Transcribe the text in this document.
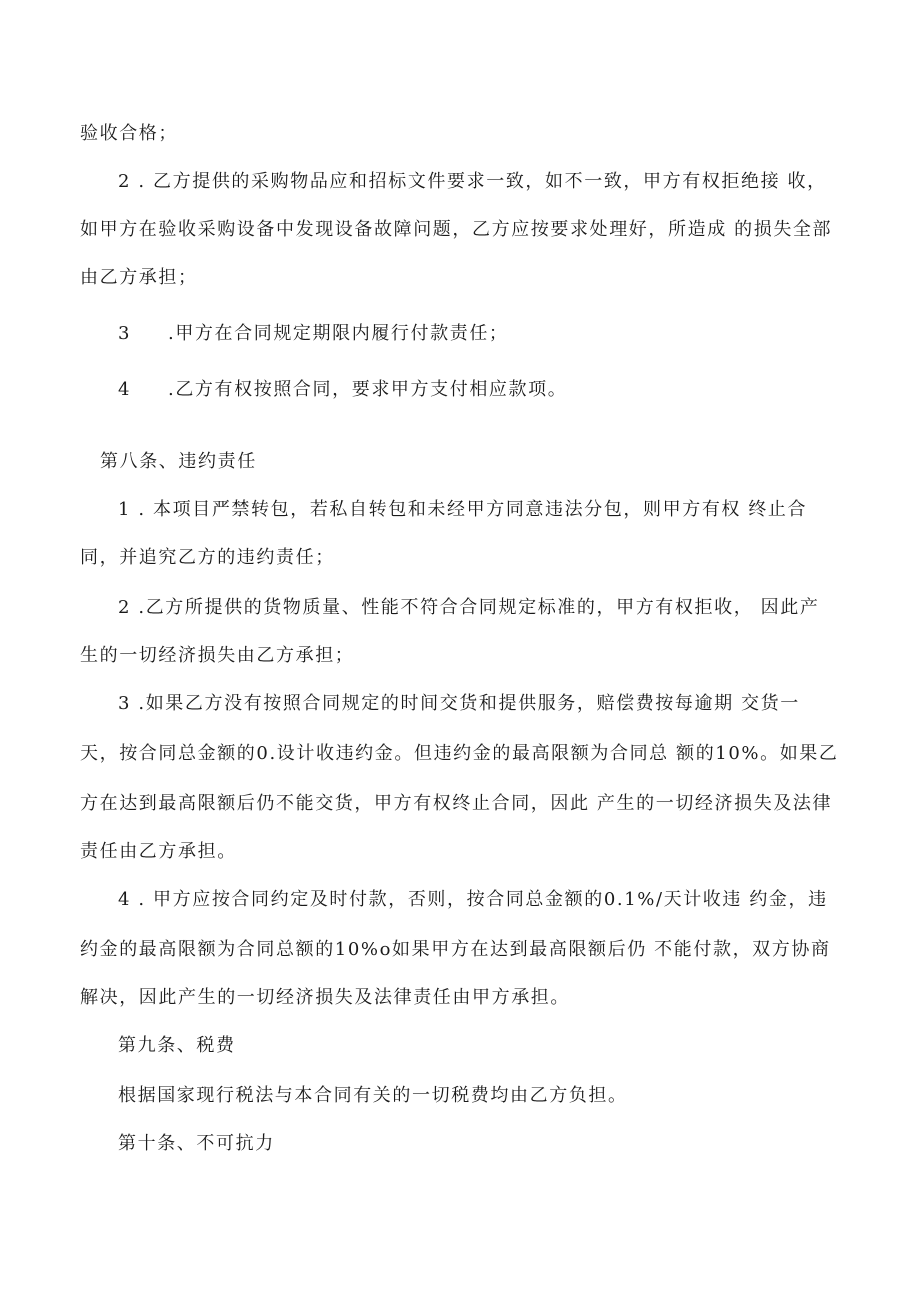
验收合格；
2 . 乙方提供的采购物品应和招标文件要求一致，如不一致，甲方有权拒绝接 收，
如甲方在验收采购设备中发现设备故障问题，乙方应按要求处理好，所造成 的损失全部
由乙方承担；
3 .甲方在合同规定期限内履行付款责任；
4 .乙方有权按照合同，要求甲方支付相应款项。
第八条、违约责任
1 . 本项目严禁转包，若私自转包和未经甲方同意违法分包，则甲方有权 终止合
同，并追究乙方的违约责任；
2 .乙方所提供的货物质量、性能不符合合同规定标准的，甲方有权拒收， 因此产
生的一切经济损失由乙方承担；
3 .如果乙方没有按照合同规定的时间交货和提供服务，赔偿费按每逾期 交货一
天，按合同总金额的0.设计收违约金。但违约金的最高限额为合同总 额的10%。如果乙
方在达到最高限额后仍不能交货，甲方有权终止合同，因此 产生的一切经济损失及法律
责任由乙方承担。
4 . 甲方应按合同约定及时付款，否则，按合同总金额的0.1%/天计收违 约金，违
约金的最高限额为合同总额的10%o如果甲方在达到最高限额后仍 不能付款，双方协商
解决，因此产生的一切经济损失及法律责任由甲方承担。
第九条、税费
根据国家现行税法与本合同有关的一切税费均由乙方负担。
第十条、不可抗力
